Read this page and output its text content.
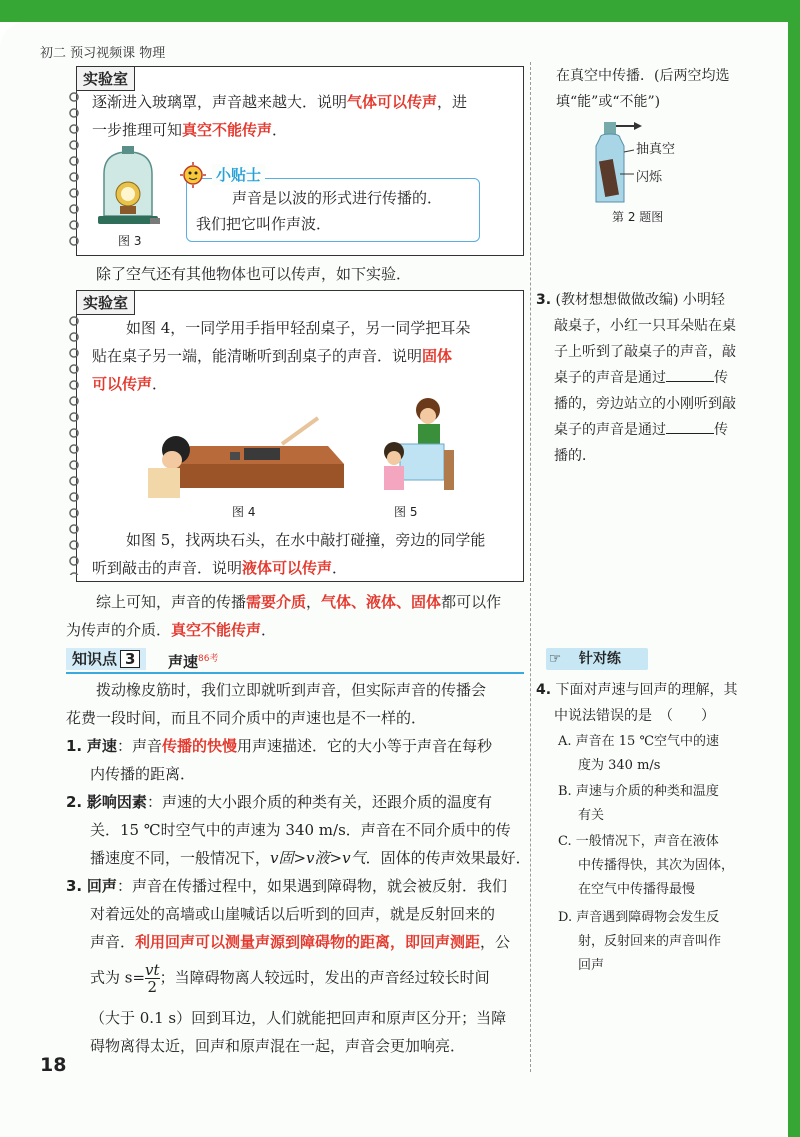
初二 预习视频课 物理
实验室
逐渐进入玻璃罩，声音越来越大．说明气体可以传声，进
一步推理可知真空不能传声．
图 3
小贴士
声音是以波的形式进行传播的．
我们把它叫作声波．
除了空气还有其他物体也可以传声，如下实验．
实验室
如图 4，一同学用手指甲轻刮桌子，另一同学把耳朵
贴在桌子另一端，能清晰听到刮桌子的声音．说明固体
可以传声．
图 4	图 5
如图 5，找两块石头，在水中敲打碰撞，旁边的同学能
听到敲击的声音．说明液体可以传声．
综上可知，声音的传播需要介质，气体、液体、固体都可以作
为传声的介质．真空不能传声．
知识点 3	声速$^{86考}$
拨动橡皮筋时，我们立即就听到声音，但实际声音的传播会
花费一段时间，而且不同介质中的声速也是不一样的．
1. 声速：声音传播的快慢用声速描述．它的大小等于声音在每秒
内传播的距离．
2. 影响因素：声速的大小跟介质的种类有关，还跟介质的温度有
关．15 ℃时空气中的声速为 340 m/s．声音在不同介质中的传
播速度不同，一般情况下，v固>v液>v气．固体的传声效果最好．
3. 回声：声音在传播过程中，如果遇到障碍物，就会被反射．我们
对着远处的高墙或山崖喊话以后听到的回声，就是反射回来的
声音．利用回声可以测量声源到障碍物的距离，即回声测距，公
式为 $s= \frac{vt}{2}$ ；当障碍物离人较远时，发出的声音经过较长时间
（大于 0.1 s）回到耳边，人们就能把回声和原声区分开；当障
碍物离得太近，回声和原声混在一起，声音会更加响亮．
在真空中传播．(后两空均选
填“能”或“不能”)
抽真空
闪烁
第 2 题图
3. (教材想想做做改编) 小明轻
敲桌子，小红一只耳朵贴在桌
子上听到了敲桌子的声音，敲
桌子的声音是通过	传
播的，旁边站立的小刚听到敲
桌子的声音是通过	传
播的．
☞ 针对练
4. 下面对声速与回声的理解，其
中说法错误的是　 （　　）
A. 声音在 15 ℃空气中的速
度为 340 m/s
B. 声速与介质的种类和温度
有关
C. 一般情况下，声音在液体
中传播得快，其次为固体，
在空气中传播得最慢
D. 声音遇到障碍物会发生反
射，反射回来的声音叫作
回声
18
